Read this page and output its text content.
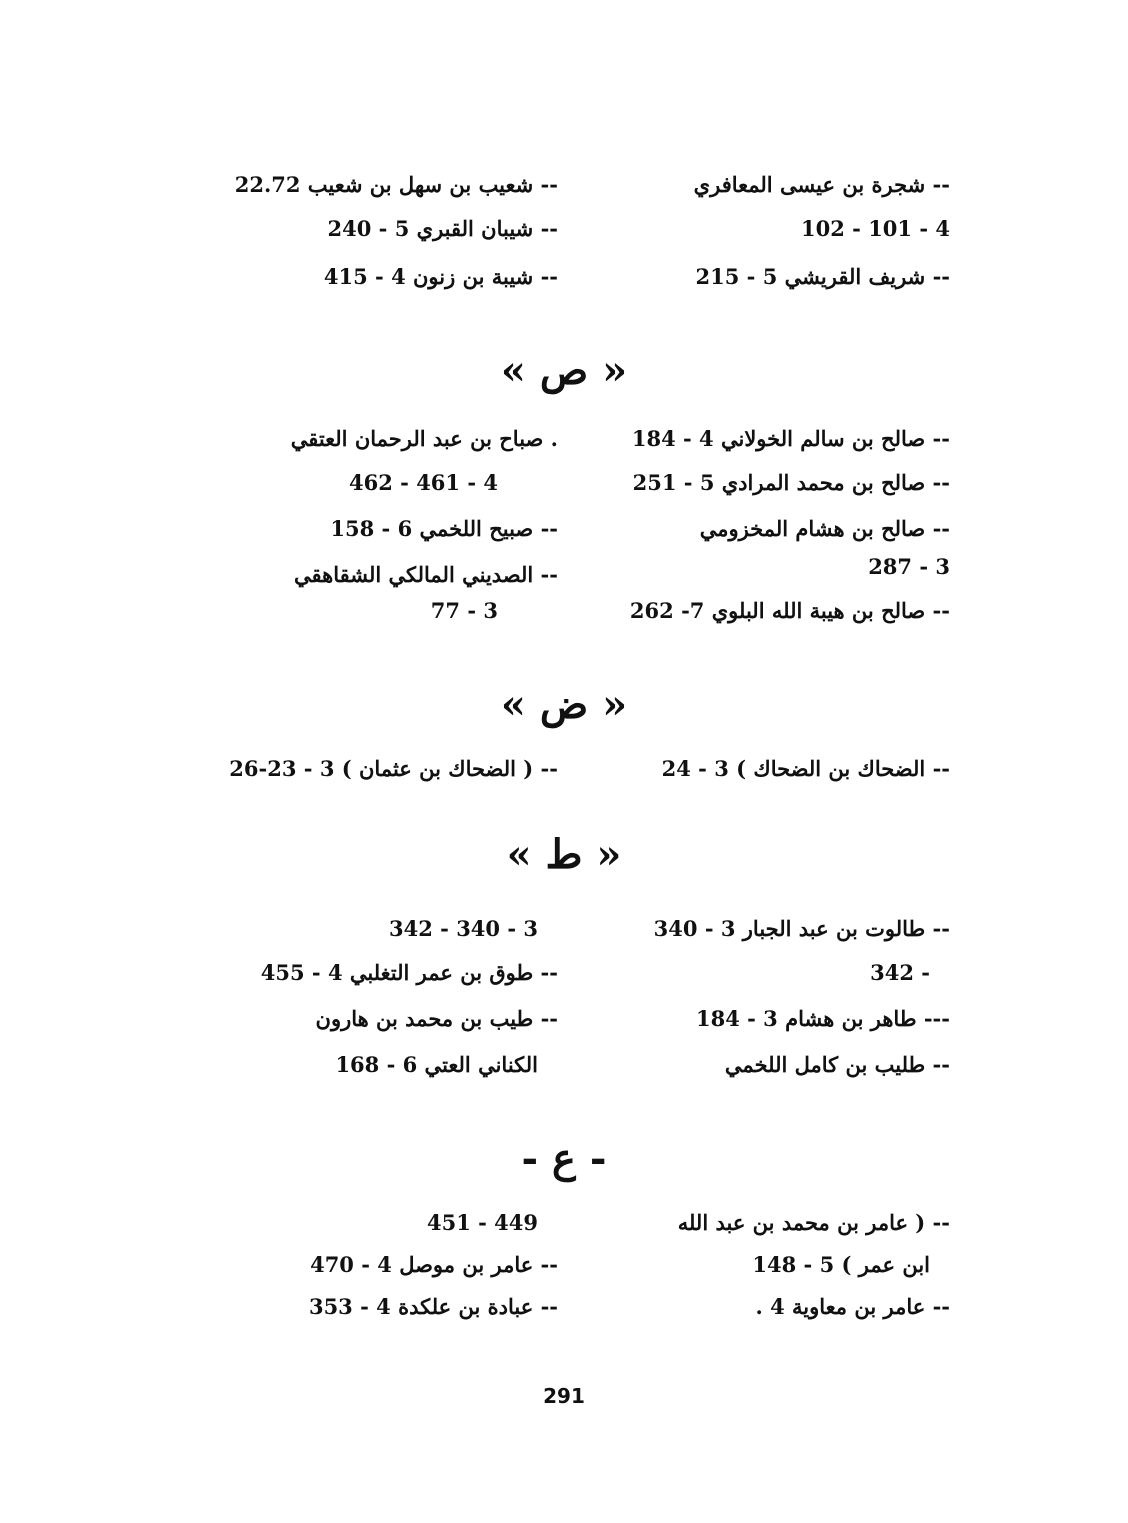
-- شجرة بن عيسى المعافري
4 - 101 - 102
-- شريف القريشي 5 - 215
-- شعيب بن سهل بن شعيب 22.72
-- شيبان القبري 5 - 240
-- شيبة بن زنون 4 - 415
« ص »
-- صالح بن سالم الخولاني 4 - 184
-- صالح بن محمد المرادي 5 - 251
-- صالح بن هشام المخزومي
3 - 287
-- صالح بن هيبة الله البلوي 7- 262
. صباح بن عبد الرحمان العتقي
4 - 461 - 462
-- صبيح اللخمي 6 - 158
-- الصديني المالكي الشقاهقي
3 - 77
« ض »
-- الضحاك بن الضحاك ) 3 - 24
-- ( الضحاك بن عثمان ) 3 - 23-26
« ط »
-- طالوت بن عبد الجبار 3 - 340
- 342
--- طاهر بن هشام 3 - 184
-- طليب بن كامل اللخمي
3 - 340 - 342
-- طوق بن عمر التغلبي 4 - 455
-- طيب بن محمد بن هارون
الكناني العتي 6 - 168
- ع -
-- ( عامر بن محمد بن عبد الله
ابن عمر ) 5 - 148
-- عامر بن معاوية 4 .
449 - 451
-- عامر بن موصل 4 - 470
-- عبادة بن علكدة 4 - 353
291
